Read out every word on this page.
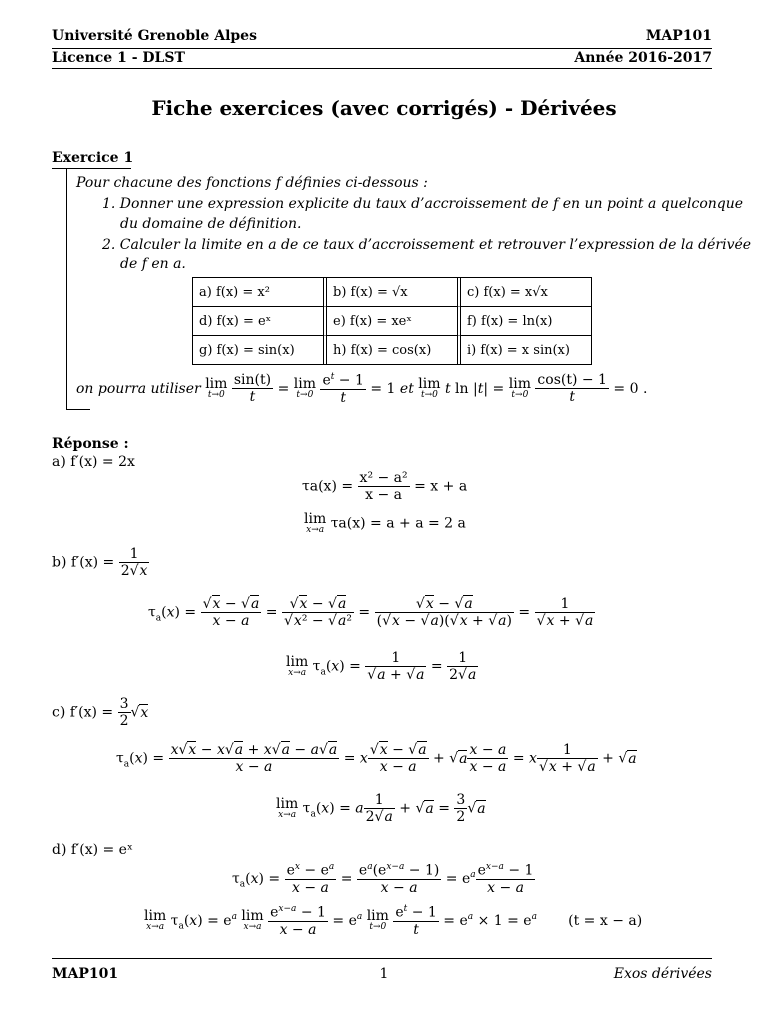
Université Grenoble Alpes	MAP101
Licence 1 - DLST	Année 2016-2017
Fiche exercices (avec corrigés) - Dérivées
Exercice 1
Pour chacune des fonctions f définies ci-dessous :
1. Donner une expression explicite du taux d’accroissement de f en un point a quelconque
du domaine de définition.
2. Calculer la limite en a de ce taux d’accroissement et retrouver l’expression de la dérivée
de f en a.
a) f(x) = x²	b) f(x) = √x	c) f(x) = x√x
d) f(x) = eˣ	e) f(x) = xeˣ	f) f(x) = ln(x)
g) f(x) = sin(x)	h) f(x) = cos(x)	i) f(x) = x sin(x)
on pourra utiliser lim
t→0
$\frac{\sin(t)}{t} = \lim$
t→0
$\frac{e^t - 1}{t} = 1$ et lim
t→0 t ln |t| = lim
t→0
$\frac{\cos(t) - 1}{t} = 0$ .
Réponse :
a) f′(x) = 2x
$\tau a(x) = \frac{\text{x² − a²}}{x - a} = x + a$
lim
x→a τa(x) = a + a = 2 a
b) $f'(x) = \frac{1}{2√x}$
$\tau_a(x) = \frac{√x - √a}{x - a} = \frac{√x - √a}{\text{√x² − √a²}} = \frac{√x - √a}{(√x - √a)(√x + √a)} = \frac{1}{√x + √a}$
lim
x→a $\tau_a(x) = \frac{1}{√a + √a} = \frac{1}{2√a}$
c) $f'(x) = \frac{3}{2} √x$
$\tau_a(x) = \frac{x√x - x√a + x√a - a√a}{x - a} = x \frac{√x - √a}{x - a} + √a \frac{x - a}{x - a} = x \frac{1}{√x + √a} + √a$
lim
x→a $\tau_a(x) = a \frac{1}{2√a} + √a = \frac{3}{2} √a$
d) f′(x) = eˣ
$\tau_a(x) = \frac{e^x - e^a}{x - a} = \frac{e^a(e^{x-a} - 1)}{x - a} = e^a \frac{e^{x-a} - 1}{x - a}$
lim
x→a $\tau_a(x) = e^a$ lim
x→a
$\frac{e^{x-a} - 1}{x - a} = e^a$ lim
t→0
$\frac{e^t - 1}{t} = e^a \times 1 = e^a$ (t = x − a)
MAP101	1	Exos dérivées
